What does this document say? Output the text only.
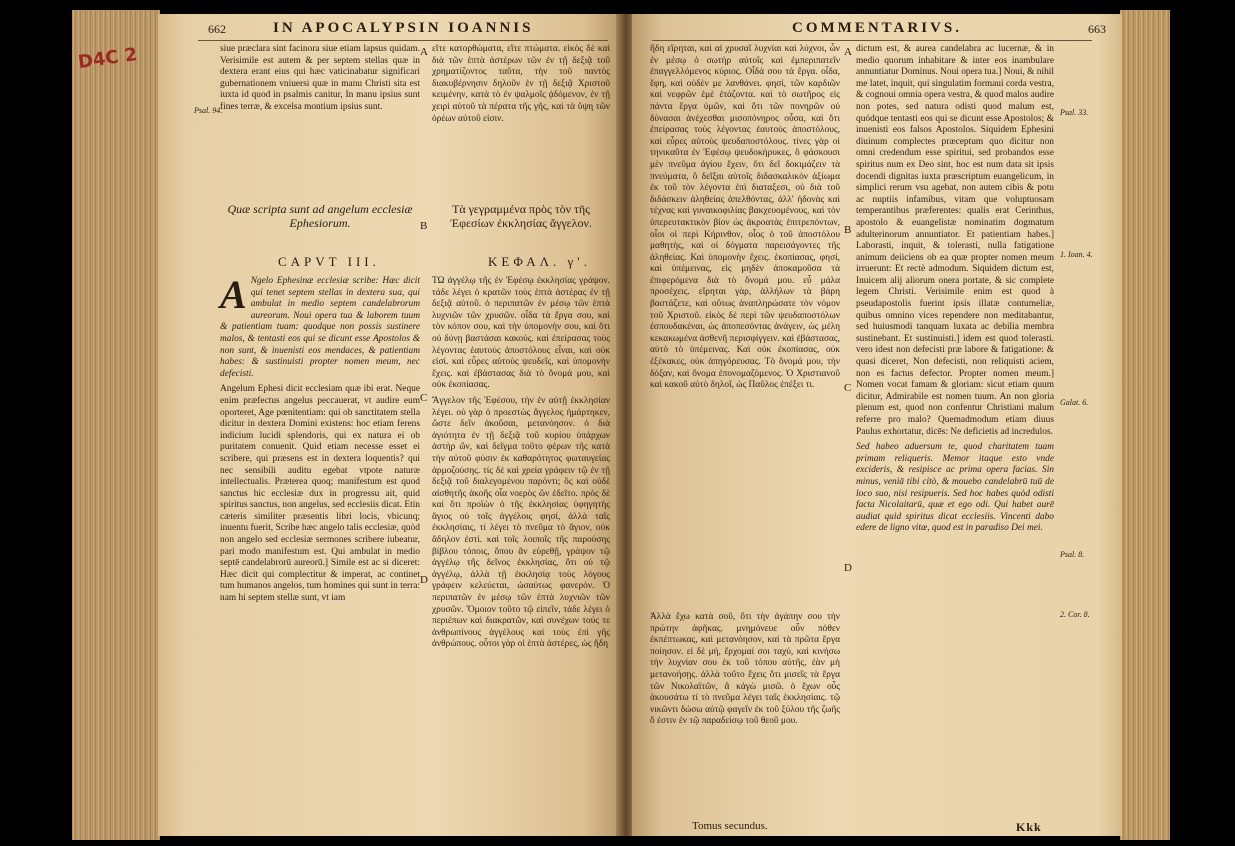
D4C 2
662	IN APOCALYPSIN IOANNIS

siue præclara sint facinora siue etiam lapsus quidam. Verisimile est autem & per septem stellas quæ in dextera erant eius qui hæc vaticinabatur significari gubernationem vniuersi quæ in manu Christi sita est iuxta id quod in psalmis canitur, In manu ipsius sunt fines terræ, & excelsa montium ipsius sunt.

A
Psal. 94.

εἴτε κατορθώματα, εἴτε πτώματα. εἰκὸς δὲ καὶ διὰ τῶν ἑπτὰ ἀστέρων τῶν ἐν τῇ δεξιᾷ τοῦ χρηματίζοντος ταῦτα, τὴν τοῦ παντὸς διακυβέρνησιν δηλοῦν ἐν τῇ δεξιᾷ Χριστοῦ κειμένην, κατὰ τὸ ἐν ψαλμοῖς ᾀδόμενον, ἐν τῇ χειρὶ αὐτοῦ τὰ πέρατα τῆς γῆς, καὶ τὰ ὕψη τῶν ὀρέων αὐτοῦ εἰσιν.

Quæ scripta sunt ad angelum ecclesiæ Ephesiorum.
Τὰ γεγραμμένα πρὸς τὸν τῆς Ἐφεσίων ἐκκλησίας ἄγγελον.
B
CAPVT III.	ΚΕΦΑΛ. γ'.

A Ngelo Ephesinæ ecclesiæ scribe: Hæc dicit qui tenet septem stellas in dextera sua, qui ambulat in medio septem candelabrorum aureorum. Noui opera tua & laborem tuum & patientiam tuam: quodque non possis sustinere malos, & tentasti eos qui se dicunt esse Apostolos & non sunt, & inuenisti eos mendaces, & patientiam habes: & sustinuisti propter nomen meum, nec defecisti.

Angelum Ephesi dicit ecclesiam quæ ibi erat. Neque enim præfectus angelus peccauerat, vt audire eum oporteret, Age pœnitentiam: qui ob sanctitatem stella dicitur in dextera Domini existens: hoc etiam ferens indicium lucidi splendoris, qui ex natura ei ob puritatem conuenit. Quid etiam necesse esset ei scribere, qui præsens est in dextera loquentis? qui nec sensibili auditu egebat vtpote naturæ intellectualis. Præterea quoq; manifestum est quod sanctus hic ecclesiæ dux in progressu ait, quid spiritus sanctus, non angelus, sed ecclesiis dicat. Etin cæteris similiter præsentis libri locis, vbicunq; inuentu fuerit, Scribe hæc angelo talis ecclesiæ, quòd non angelo sed ecclesiæ sermones scribere iubeatur, pari modo manifestum est. Qui ambulat in medio septē candelabrorū aureorū.] Simile est ac si diceret: Hæc dicit qui complectitur & imperat, ac continet tum humanos angelos, tum homines qui sunt in terra: nam hi septem stellæ sunt, vt iam

C
D

ΤΩ ἀγγέλῳ τῆς ἐν Ἐφέσῳ ἐκκλησίας γράψον. τάδε λέγει ὁ κρατῶν τοὺς ἑπτὰ ἀστέρας ἐν τῇ δεξιᾷ αὐτοῦ. ὁ περιπατῶν ἐν μέσῳ τῶν ἑπτὰ λυχνιῶν τῶν χρυσῶν. οἶδα τὰ ἔργα σου, καὶ τὸν κόπον σου, καὶ τὴν ὑπομονήν σου, καὶ ὅτι οὐ δύνῃ βαστάσαι κακούς. καὶ ἐπείρασας τοὺς λέγοντας ἑαυτοὺς ἀποστόλους εἶναι, καὶ οὐκ εἰσί. καὶ εὗρες αὐτοὺς ψευδεῖς, καὶ ὑπομονὴν ἔχεις. καὶ ἐβάστασας διὰ τὸ ὄνομά μου, καὶ οὐκ ἐκοπίασας.

Ἄγγελον τῆς Ἐφέσου, τὴν ἐν αὐτῇ ἐκκλησίαν λέγει. οὐ γὰρ ὁ προεστὼς ἄγγελος ἡμάρτηκεν, ὥστε δεῖν ἀκοῦσαι, μετανόησον. ὁ διὰ ἁγιότητα ἐν τῇ δεξιᾷ τοῦ κυρίου ὑπάρχων ἀστὴρ ὤν, καὶ δεῖγμα τοῦτο φέρων τῆς κατὰ τὴν αὐτοῦ φύσιν ἐκ καθαρότητος φωταυγείας ἁρμοζούσης. τίς δὲ καὶ χρεία γράφειν τῷ ἐν τῇ δεξιᾷ τοῦ διαλεγομένου παρόντι; ὃς καὶ οὐδὲ αἰσθητῆς ἀκοῆς οἷα νοερὸς ὢν ἐδεῖτο. πρὸς δὲ καὶ ὅτι προϊὼν ὁ τῆς ἐκκλησίας ὑφηγητὴς ἅγιος οὐ τοῖς ἀγγέλοις φησί, ἀλλὰ ταῖς ἐκκλησίαις, τί λέγει τὸ πνεῦμα τὸ ἅγιον, οὐκ ἄδηλον ἐστί. καὶ τοῖς λοιποῖς τῆς παρούσης βίβλου τόποις, ὅπου ἂν εὑρεθῇ, γράψον τῷ ἀγγέλῳ τῆς δεῖνος ἐκκλησίας, ὅτι οὐ τῷ ἀγγέλῳ, ἀλλὰ τῇ ἐκκλησίᾳ τοὺς λόγους γράφειν κελεύεται, ὡσαύτως φανερόν. Ὁ περιπατῶν ἐν μέσῳ τῶν ἑπτὰ λυχνιῶν τῶν χρυσῶν. Ὅμοιον τοῦτο τῷ εἰπεῖν, τάδε λέγει ὁ περιέπων καὶ διακρατῶν, καὶ συνέχων τούς τε ἀνθρωπίνους ἀγγέλους καὶ τοὺς ἐπὶ γῆς ἀνθρώπους. οὗτοι γὰρ οἱ ἑπτὰ ἀστέρες, ὡς ἤδη

COMMENTARIVS.	663

ἤδη εἴρηται, καὶ αἱ χρυσαῖ λυχνίαι καὶ λύχνοι, ὧν ἐν μέσῳ ὁ σωτὴρ αὐτοῖς καὶ ἐμπεριπατεῖν ἐπαγγελλόμενος κύριος. Οἶδά σου τὰ ἔργα. οἶδα, ἔφη, καὶ οὐδὲν με λανθάνει. φησί, τῶν καρδιῶν καὶ νεφρῶν ἐμὲ ἐτάζοντα. καὶ τὸ σωτῆρος εἰς πάντα ἔργα ὑμῶν, καὶ ὅτι τῶν πονηρῶν οὐ δύνασαι ἀνέχεσθαι μισοπόνηρος οὖσα, καὶ ὅτι ἐπείρασας τοὺς λέγοντας ἑαυτοὺς ἀποστόλους, καὶ εὗρες αὐτοὺς ψευδαποστόλους. τίνες γὰρ οἱ τηνικαῦτα ἐν Ἐφέσῳ ψευδοκήρυκες, ὃ φάσκουσι μὲν πνεῦμα ἁγίου ἔχειν, ὅτι δεῖ δοκιμάζειν τὰ πνεύματα, ὃ δεῖξαι αὐτοῖς διδασκαλικὸν ἀξίωμα ἐκ τοῦ τὸν λέγοντα ἐπὶ διαταξεσι, οὐ διὰ τοῦ διδάσκειν ἀληθείας ἀπελθόντας, ἀλλ' ἡδονὰς καὶ τέχνας καὶ γυναικοφιλίας βακχευομένους, καὶ τὸν ὑπερευτακτικὸν βίον ὡς ἀκροατὰς ἐπιτρεπόντων, οἷοι οἱ περὶ Κήρινθον, οἷος ὁ τοῦ ἀποστόλου μαθητὴς, καὶ οἱ δόγματα παρεισάγοντες τῆς ἀληθείας. Καὶ ὑπομονὴν ἔχεις. ἐκοπίασας, φησί, καὶ ὑπέμεινας, εἰς μηδὲν ἀποκαμοῦσα τὰ ἐπιφερόμενα διὰ τὸ ὄνομά μου. εὖ μάλα προσέχεις. εἴρηται γὰρ, ἀλλήλων τὰ βάρη βαστάζετε, καὶ οὕτως ἀναπληρώσατε τὸν νόμον τοῦ Χριστοῦ. εἰκὸς δὲ περὶ τῶν ψευδαποστόλων ἐσπουδακέναι, ὡς ἀποπεσόντας ἀνάγειν, ὡς μέλη κεκακωμένα ἀσθενῆ περισφίγγειν. καὶ ἐβάστασας, αὐτὸ τὸ ὑπέμεινας. Καὶ οὐκ ἐκοπίασας, οὐκ ἐξέκακες, οὐκ ἀπηγόρευσας. Τὸ ὄνομά μου, τὴν δόξαν, καὶ ὄνομα ἐπονομαζόμενος. Ὁ Χριστιανοῦ καὶ κακοῦ αὐτὸ δηλοῖ, ὡς Παῦλος ἐπέξει τι.

A
B
C
D

Ἀλλὰ ἔχω κατὰ σοῦ, ὅτι τὴν ἀγάπην σου τὴν πρώτην ἀφῆκας. μνημόνευε οὖν πόθεν ἐκπέπτωκας, καὶ μετανόησον, καὶ τὰ πρῶτα ἔργα ποίησον. εἰ δὲ μή, ἔρχομαί σοι ταχύ, καὶ κινήσω τὴν λυχνίαν σου ἐκ τοῦ τόπου αὐτῆς, ἐὰν μὴ μετανοήσῃς. ἀλλὰ τοῦτο ἔχεις ὅτι μισεῖς τὰ ἔργα τῶν Νικολαϊτῶν, ἃ κἀγὼ μισῶ. ὁ ἔχων οὖς ἀκουσάτω τί τὸ πνεῦμα λέγει ταῖς ἐκκλησίαις. τῷ νικῶντι δώσω αὐτῷ φαγεῖν ἐκ τοῦ ξύλου τῆς ζωῆς ὅ ἐστιν ἐν τῷ παραδείσῳ τοῦ θεοῦ μου.

Tomus secundus.

dictum est, & aurea candelabra ac lucernæ, & in medio quorum inhabitare & inter eos inambulare annuntiatur Dominus. Noui opera tua.] Noui, & nihil me latet, inquit, qui singulatim formaui corda vestra, & cognoui omnia opera vestra, & quod malos audire non potes, sed natura odisti quod malum est, quódque tentasti eos qui se dicunt esse Apostolos; & inuenisti eos falsos Apostolos. Siquidem Ephesini diuinum complectes præceptum quo dicitur non omni credendum esse spiritui, sed probandos esse spiritus num ex Deo sint, hoc est num data sit ipsis docendi dignitas iuxta præscriptum euangelicum, in simplici rerum vsu agebat, non autem cibis & potu ac nuptiis infamibus, vitam que voluptuosam temperantibus præferentes: qualis erat Cerinthus, apostolo & euangelistæ nominatim dogmatum adulterinorum annuntiator. Et patientiam habes.] Laborasti, inquit, & tolerasti, nulla fatigatione animum deiiciens ob ea quæ propter nomen meum irruerunt: Et rectè admodum. Siquidem dictum est, Inuicem alij aliorum onera portate, & sic complete legem Christi. Verisimile enim est quod à pseudapostolis fuerint ipsis illatæ contumeliæ, quibus omnino vices rependere non meditabantur, sed huiusmodi tanquam luxata ac debilia membra sustinebant. Et sustinuisti.] idem est quod tolerasti. vero idest non defecisti præ labore & fatigatione: & quasi diceret, Non defecisti, non reliquisti aciem, non es factus defector. Propter nomen meum.] Nomen vocat famam & gloriam: sicut etiam quum dicitur, Admirabile est nomen tuum. An non gloria plenum est, quod non confentur Christiani malum referre pro malo? Quemadmodum etiam diuus Paulus exhortatur, dicēs: Ne deficietis ad incredulos.

Sed habeo aduersum te, quod charitatem tuam primam reliqueris. Memor itaque esto vnde excideris, & resipisce ac prima opera facias. Sin minus, veniā tibi citò, & mouebo candelabrū tuū de loco suo, nisi resipueris. Sed hoc habes quòd odisti facta Nicolaitarū, quæ et ego odi. Qui habet aurē audiat quid spiritus dicat ecclesiis. Vincenti dabo edere de ligno vitæ, quod est in paradiso Dei mei.

Psal. 33.
1. Ioan. 4.
Galat. 6.
Psal. 8.
2. Cor. 8.
Kkk
